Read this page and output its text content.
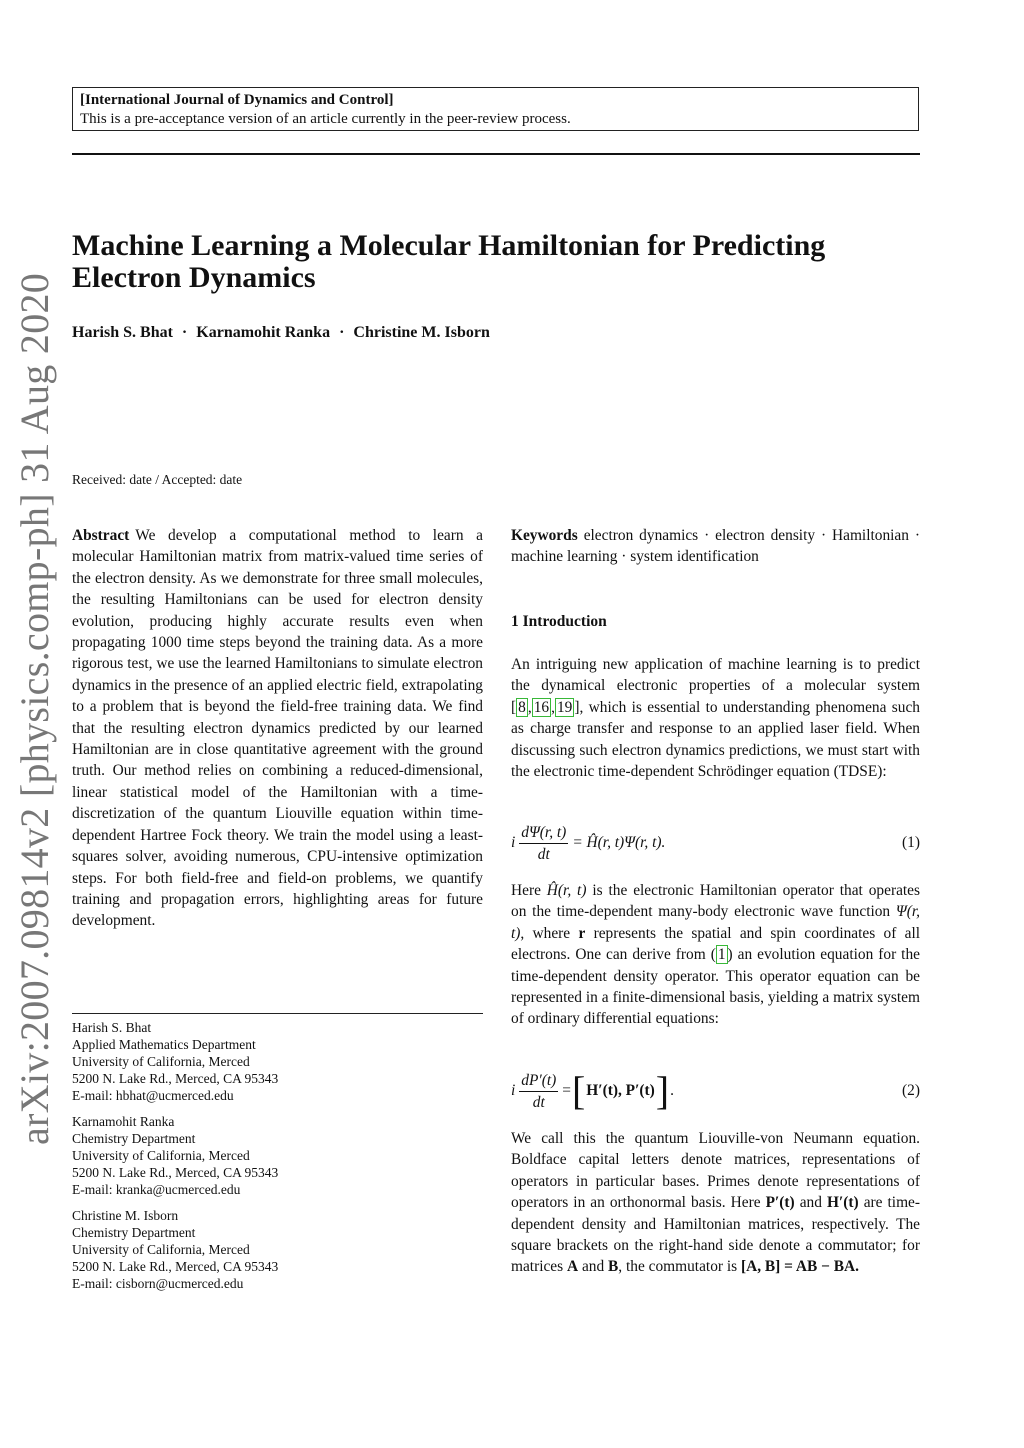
[International Journal of Dynamics and Control]
This is a pre-acceptance version of an article currently in the peer-review process.
Machine Learning a Molecular Hamiltonian for Predicting
Electron Dynamics
Harish S. Bhat · Karnamohit Ranka · Christine M. Isborn
arXiv:2007.09814v2 [physics.comp-ph] 31 Aug 2020 Received: date / Accepted: date
Abstract We develop a computational method to learn a molecular Hamiltonian matrix from matrix-valued time series of the electron density. As we demonstrate for three small molecules, the resulting Hamiltonians can be used for electron density evolution, producing highly accurate results even when propagating 1000 time steps beyond the training data. As a more rigorous test, we use the learned Hamiltonians to simulate electron dynamics in the presence of an applied electric field, extrapolating to a problem that is beyond the field-free training data. We find that the resulting electron dynamics predicted by our learned Hamiltonian are in close quantitative agreement with the ground truth. Our method relies on combining a reduced-dimensional, linear statistical model of the Hamiltonian with a time-discretization of the quantum Liouville equation within time-dependent Hartree Fock theory. We train the model using a least-squares solver, avoiding numerous, CPU-intensive optimization steps. For both field-free and field-on problems, we quantify training and propagation errors, highlighting areas for future development.
Harish S. Bhat
Applied Mathematics Department
University of California, Merced
5200 N. Lake Rd., Merced, CA 95343
E-mail: hbhat@ucmerced.edu
Karnamohit Ranka
Chemistry Department
University of California, Merced
5200 N. Lake Rd., Merced, CA 95343
E-mail: kranka@ucmerced.edu
Christine M. Isborn
Chemistry Department
University of California, Merced
5200 N. Lake Rd., Merced, CA 95343
E-mail: cisborn@ucmerced.edu
Keywords electron dynamics · electron density · Hamiltonian · machine learning · system identification
1 Introduction

An intriguing new application of machine learning is to predict the dynamical electronic properties of a molecular system [ 8 , 16 , 19 ], which is essential to understanding phenomena such as charge transfer and response to an applied laser field. When discussing such electron dynamics predictions, we must start with the electronic time-dependent Schrödinger equation (TDSE):

i $\frac{d\Psi(r, t)}{dt}$ = Ĥ(r, t)Ψ(r, t).	(1)

Here Ĥ(r, t) is the electronic Hamiltonian operator that operates on the time-dependent many-body electronic wave function Ψ(r, t), where r represents the spatial and spin coordinates of all electrons. One can derive from ( 1 ) an evolution equation for the time-dependent density operator. This operator equation can be represented in a finite-dimensional basis, yielding a matrix system of ordinary differential equations:

i $\frac{dP'(t)}{dt}$ = [ H′(t), P′(t) ] .	(2)

We call this the quantum Liouville-von Neumann equation. Boldface capital letters denote matrices, representations of operators in particular bases. Primes denote representations of operators in an orthonormal basis. Here P′(t) and H′(t) are time-dependent density and Hamiltonian matrices, respectively. The square brackets on the right-hand side denote a commutator; for matrices A and B, the commutator is [A, B] = AB − BA.
